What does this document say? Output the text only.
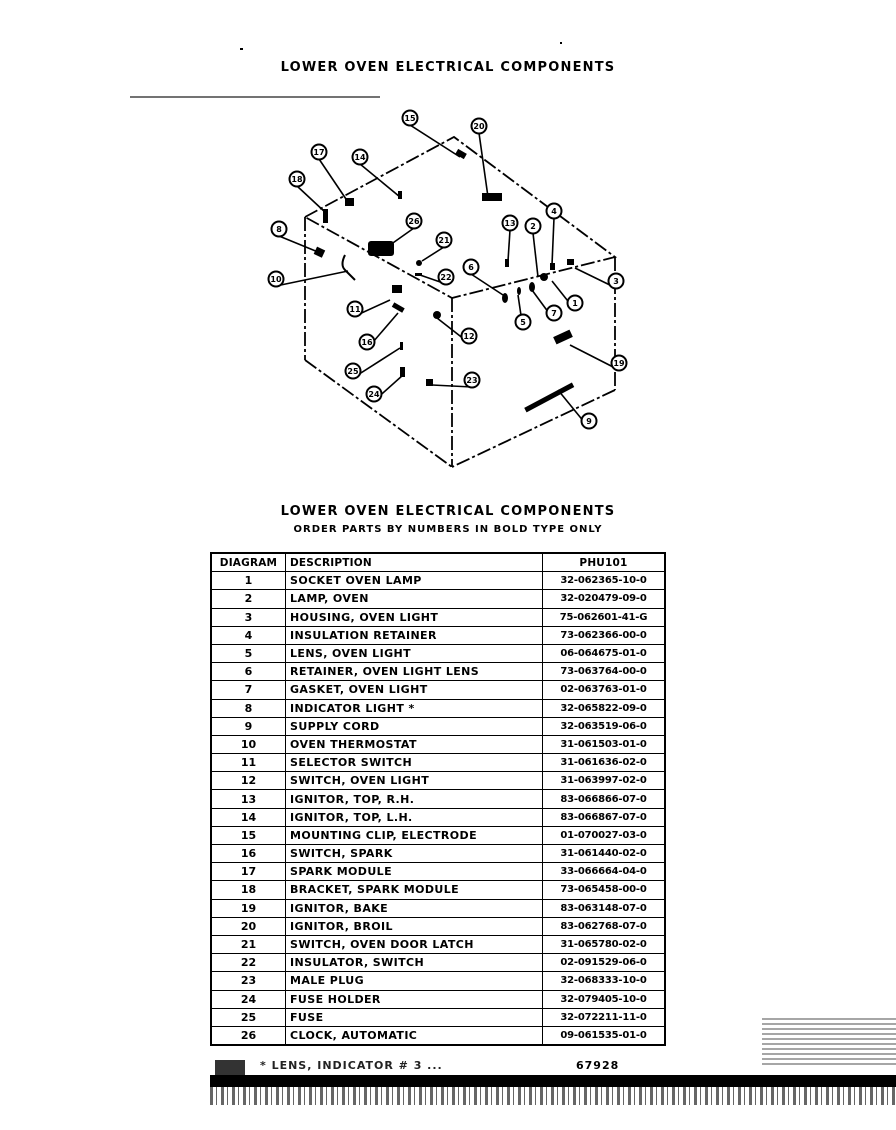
LOWER OVEN ELECTRICAL COMPONENTS
15
20
17
14
18
26
8
21
13 2
4
10	22
6
3
1
11	7
5
12
16
19
25
23
24
9
LOWER OVEN ELECTRICAL COMPONENTS
ORDER PARTS BY NUMBERS IN BOLD TYPE ONLY
DIAGRAM	DESCRIPTION	PHU101
1	SOCKET OVEN LAMP	32-062365-10-0
2	LAMP, OVEN	32-020479-09-0
3	HOUSING, OVEN LIGHT	75-062601-41-G
4	INSULATION RETAINER	73-062366-00-0
5	LENS, OVEN LIGHT	06-064675-01-0
6	RETAINER, OVEN LIGHT LENS	73-063764-00-0
7	GASKET, OVEN LIGHT	02-063763-01-0
8	INDICATOR LIGHT *	32-065822-09-0
9	SUPPLY CORD	32-063519-06-0
10	OVEN THERMOSTAT	31-061503-01-0
11	SELECTOR SWITCH	31-061636-02-0
12	SWITCH, OVEN LIGHT	31-063997-02-0
13	IGNITOR, TOP, R.H.	83-066866-07-0
14	IGNITOR, TOP, L.H.	83-066867-07-0
15	MOUNTING CLIP, ELECTRODE	01-070027-03-0
16	SWITCH, SPARK	31-061440-02-0
17	SPARK MODULE	33-066664-04-0
18	BRACKET, SPARK MODULE	73-065458-00-0
19	IGNITOR, BAKE	83-063148-07-0
20	IGNITOR, BROIL	83-062768-07-0
21	SWITCH, OVEN DOOR LATCH	31-065780-02-0
22	INSULATOR, SWITCH	02-091529-06-0
23	MALE PLUG	32-068333-10-0
24	FUSE HOLDER	32-079405-10-0
25	FUSE	32-072211-11-0
26	CLOCK, AUTOMATIC	09-061535-01-0
* LENS, INDICATOR # 3 ...	67928
